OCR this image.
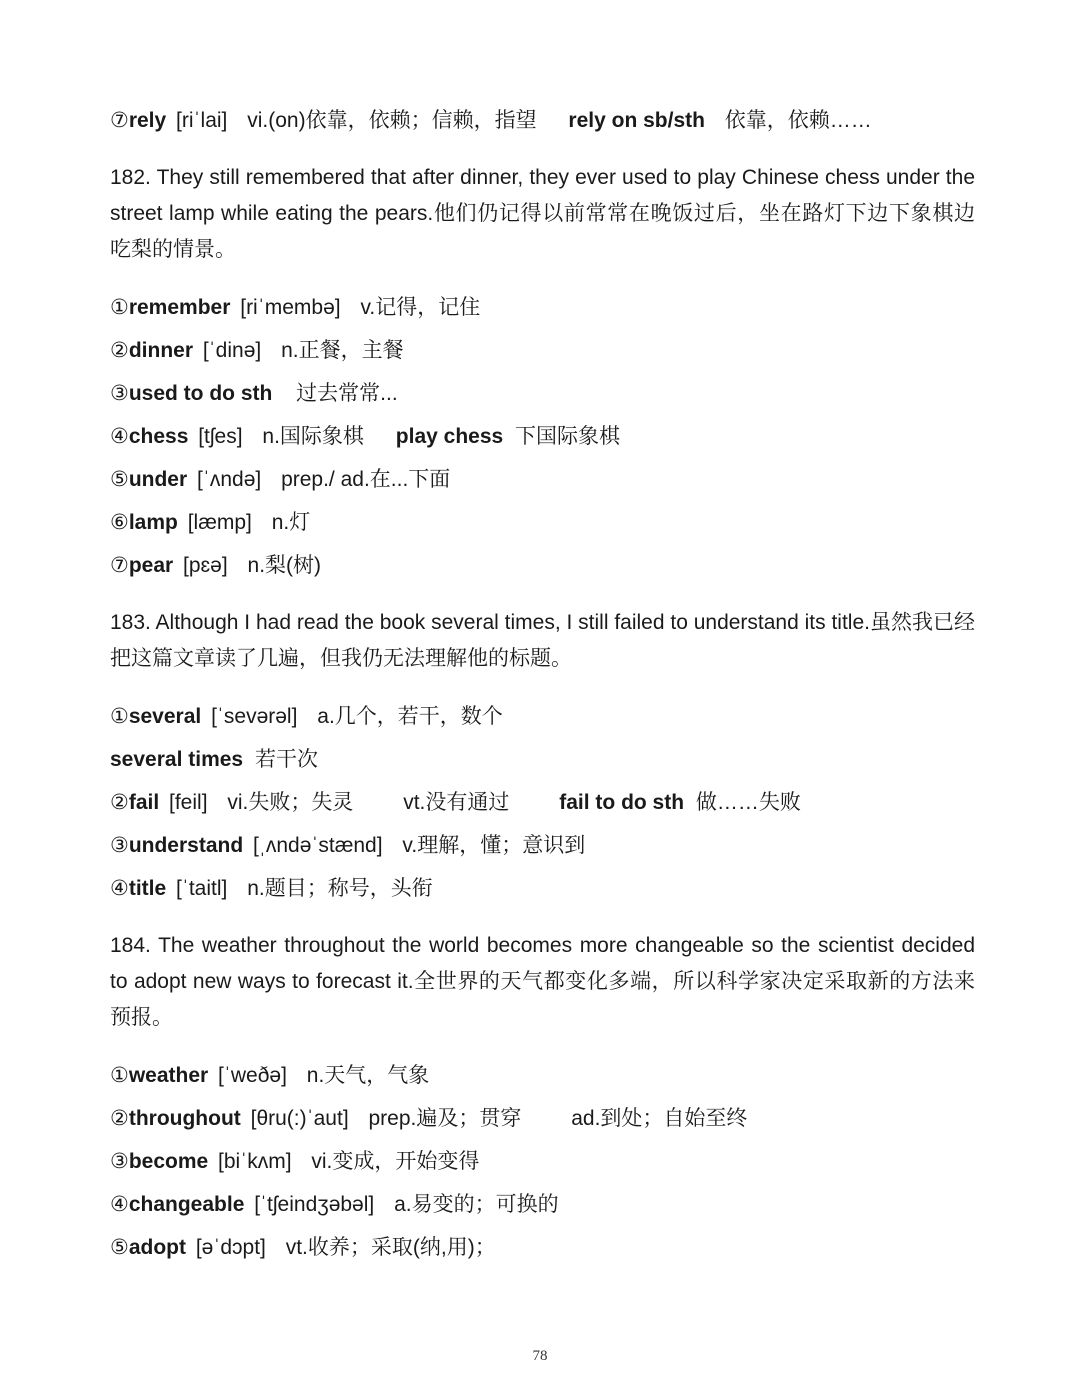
⑦rely [riˈlai] vi.(on)依靠，依赖；信赖，指望 rely on sb/sth 依靠，依赖……
182. They still remembered that after dinner, they ever used to play Chinese chess under the street lamp while eating the pears.他们仍记得以前常常在晚饭过后，坐在路灯下边下象棋边吃梨的情景。
①remember [riˈmembə] v.记得，记住
②dinner [ˈdinə] n.正餐，主餐
③used to do sth 过去常常...
④chess [tʃes] n.国际象棋 play chess 下国际象棋
⑤under [ˈʌndə] prep./ ad.在...下面
⑥lamp [læmp] n.灯
⑦pear [pɛə] n.梨(树)
183. Although I had read the book several times, I still failed to understand its title.虽然我已经把这篇文章读了几遍，但我仍无法理解他的标题。
①several [ˈsevərəl] a.几个，若干，数个
several times 若干次
②fail [feil] vi.失败；失灵 vt.没有通过 fail to do sth 做……失败
③understand [ˌʌndəˈstænd] v.理解，懂；意识到
④title [ˈtaitl] n.题目；称号，头衔
184. The weather throughout the world becomes more changeable so the scientist decided to adopt new ways to forecast it.全世界的天气都变化多端，所以科学家决定采取新的方法来预报。
①weather [ˈweðə] n.天气，气象
②throughout [θru(:)ˈaut] prep.遍及；贯穿 ad.到处；自始至终
③become [biˈkʌm] vi.变成，开始变得
④changeable [ˈtʃeindʒəbəl] a.易变的；可换的
⑤adopt [əˈdɔpt] vt.收养；采取(纳,用)；
78
